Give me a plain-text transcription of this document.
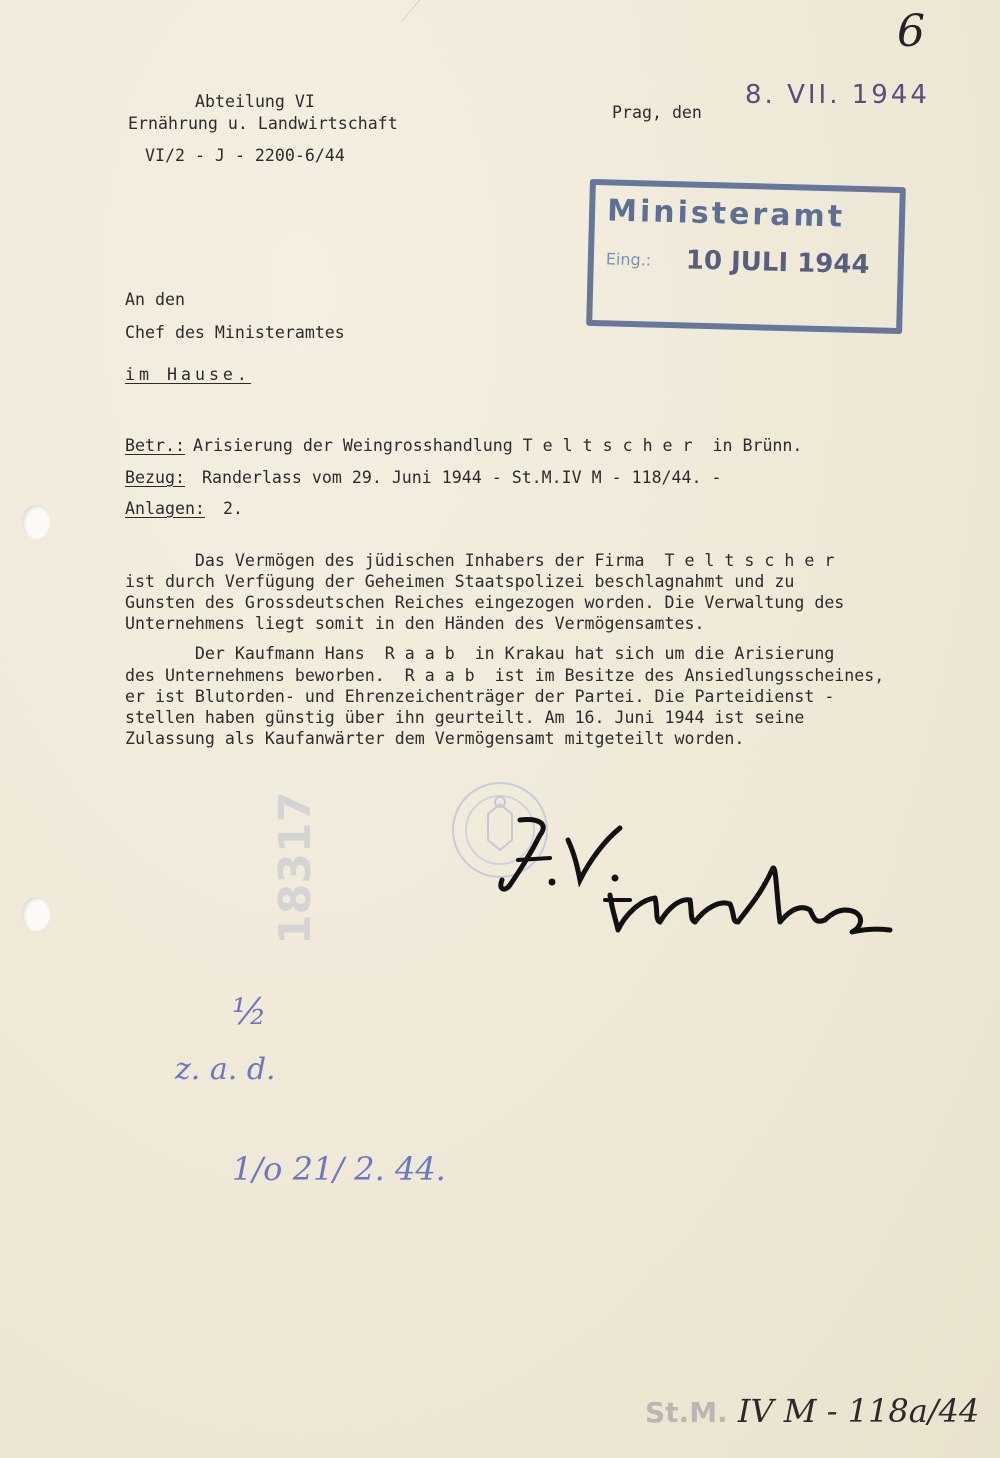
6
Abteilung VI
Ernährung u. Landwirtschaft
VI/2 - J - 2200-6/44
Prag, den
8. VII. 1944
Ministeramt
Eing.: 10 JULI 1944
An den
Chef des Ministeramtes
im Hause.
Betr.: Arisierung der Weingrosshandlung T e l t s c h e r  in Brünn.
Bezug: Randerlass vom 29. Juni 1944 - St.M.IV M - 118/44. -
Anlagen: 2.
Das Vermögen des jüdischen Inhabers der Firma  T e l t s c h e r
ist durch Verfügung der Geheimen Staatspolizei beschlagnahmt und zu
Gunsten des Grossdeutschen Reiches eingezogen worden. Die Verwaltung des
Unternehmens liegt somit in den Händen des Vermögensamtes.
Der Kaufmann Hans  R a a b  in Krakau hat sich um die Arisierung
des Unternehmens beworben.  R a a b  ist im Besitze des Ansiedlungsscheines,
er ist Blutorden- und Ehrenzeichenträger der Partei. Die Parteidienst -
stellen haben günstig über ihn geurteilt. Am 16. Juni 1944 ist seine
Zulassung als Kaufanwärter dem Vermögensamt mitgeteilt worden.
18317
½
z. a. d.
1/o 21/ 2. 44.
St.M. IV M - 118a/44
